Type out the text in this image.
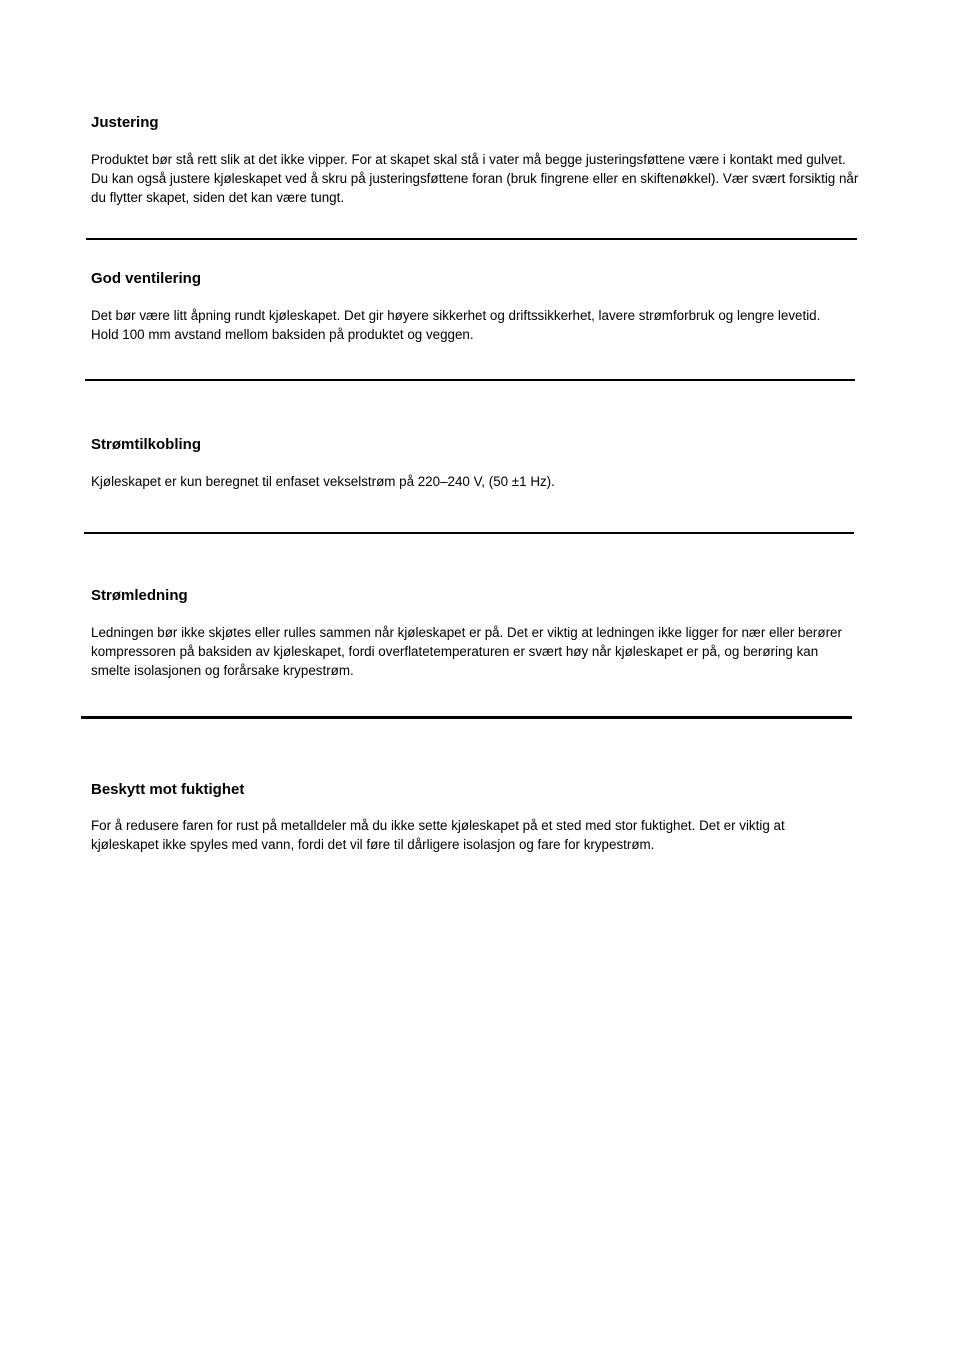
Justering

Produktet bør stå rett slik at det ikke vipper. For at skapet skal stå i vater må begge justeringsføttene være i kontakt med gulvet. Du kan også justere kjøleskapet ved å skru på justeringsføttene foran (bruk fingrene eller en skiftenøkkel). Vær svært forsiktig når du flytter skapet, siden det kan være tungt.

God ventilering

Det bør være litt åpning rundt kjøleskapet. Det gir høyere sikkerhet og driftssikkerhet, lavere strømforbruk og lengre levetid. Hold 100 mm avstand mellom baksiden på produktet og veggen.

Strømtilkobling

Kjøleskapet er kun beregnet til enfaset vekselstrøm på 220–240 V, (50 ±1 Hz).

Strømledning

Ledningen bør ikke skjøtes eller rulles sammen når kjøleskapet er på. Det er viktig at ledningen ikke ligger for nær eller berører kompressoren på baksiden av kjøleskapet, fordi overflatetemperaturen er svært høy når kjøleskapet er på, og berøring kan smelte isolasjonen og forårsake krypestrøm.

Beskytt mot fuktighet

For å redusere faren for rust på metalldeler må du ikke sette kjøleskapet på et sted med stor fuktighet. Det er viktig at kjøleskapet ikke spyles med vann, fordi det vil føre til dårligere isolasjon og fare for krypestrøm.
